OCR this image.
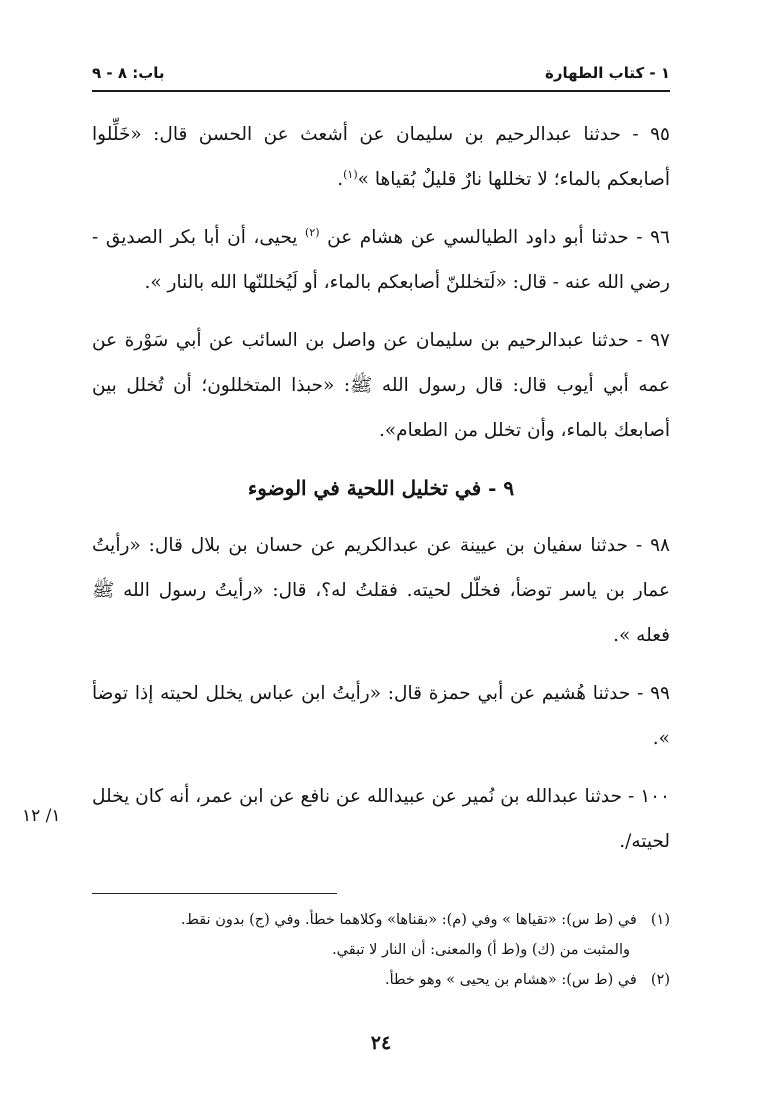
١ - كتاب الطهارة
باب: ٨ - ٩

٩٥ - حدثنا عبدالرحيم بن سليمان عن أشعث عن الحسن قال: «خَلِّلوا أصابعكم بالماء؛ لا تخللها نارٌ قليلٌ بُقياها »$^{(١)}$.

٩٦ - حدثنا أبو داود الطيالسي عن هشام عن $^{(٢)}$ يحيى، أن أبا بكر الصديق - رضي الله عنه - قال: «لَتخللنّ أصابعكم بالماء، أو لَيُخللنّها الله بالنار ».

٩٧ - حدثنا عبدالرحيم بن سليمان عن واصل بن السائب عن أبي سَوْرة عن عمه أبي أيوب قال: قال رسول الله ﷺ: «حبذا المتخللون؛ أن تُخلل بين أصابعك بالماء، وأن تخلل من الطعام».

٩ - في تخليل اللحية في الوضوء

٩٨ - حدثنا سفيان بن عيينة عن عبدالكريم عن حسان بن بلال قال: «رأيتُ عمار بن ياسر توضأ، فخلّل لحيته. فقلتُ له؟، قال: «رأيتُ رسول الله ﷺ فعله ».

٩٩ - حدثنا هُشيم عن أبي حمزة قال: «رأيتُ ابن عباس يخلل لحيته إذا توضأ ».

١٠٠ - حدثنا عبدالله بن نُمير عن عبيدالله عن نافع عن ابن عمر، أنه كان يخلل لحيته/.

١/ ١٢

(١)في (ط س): «تقياها » وفي (م): «بقناها» وكلاهما خطأ. وفي (ج) بدون نقط.

والمثبت من (ك) و(ط أ) والمعنى: أن النار لا تبقي.

(٢)في (ط س): «هشام بن يحيى » وهو خطأ.

٢٤
